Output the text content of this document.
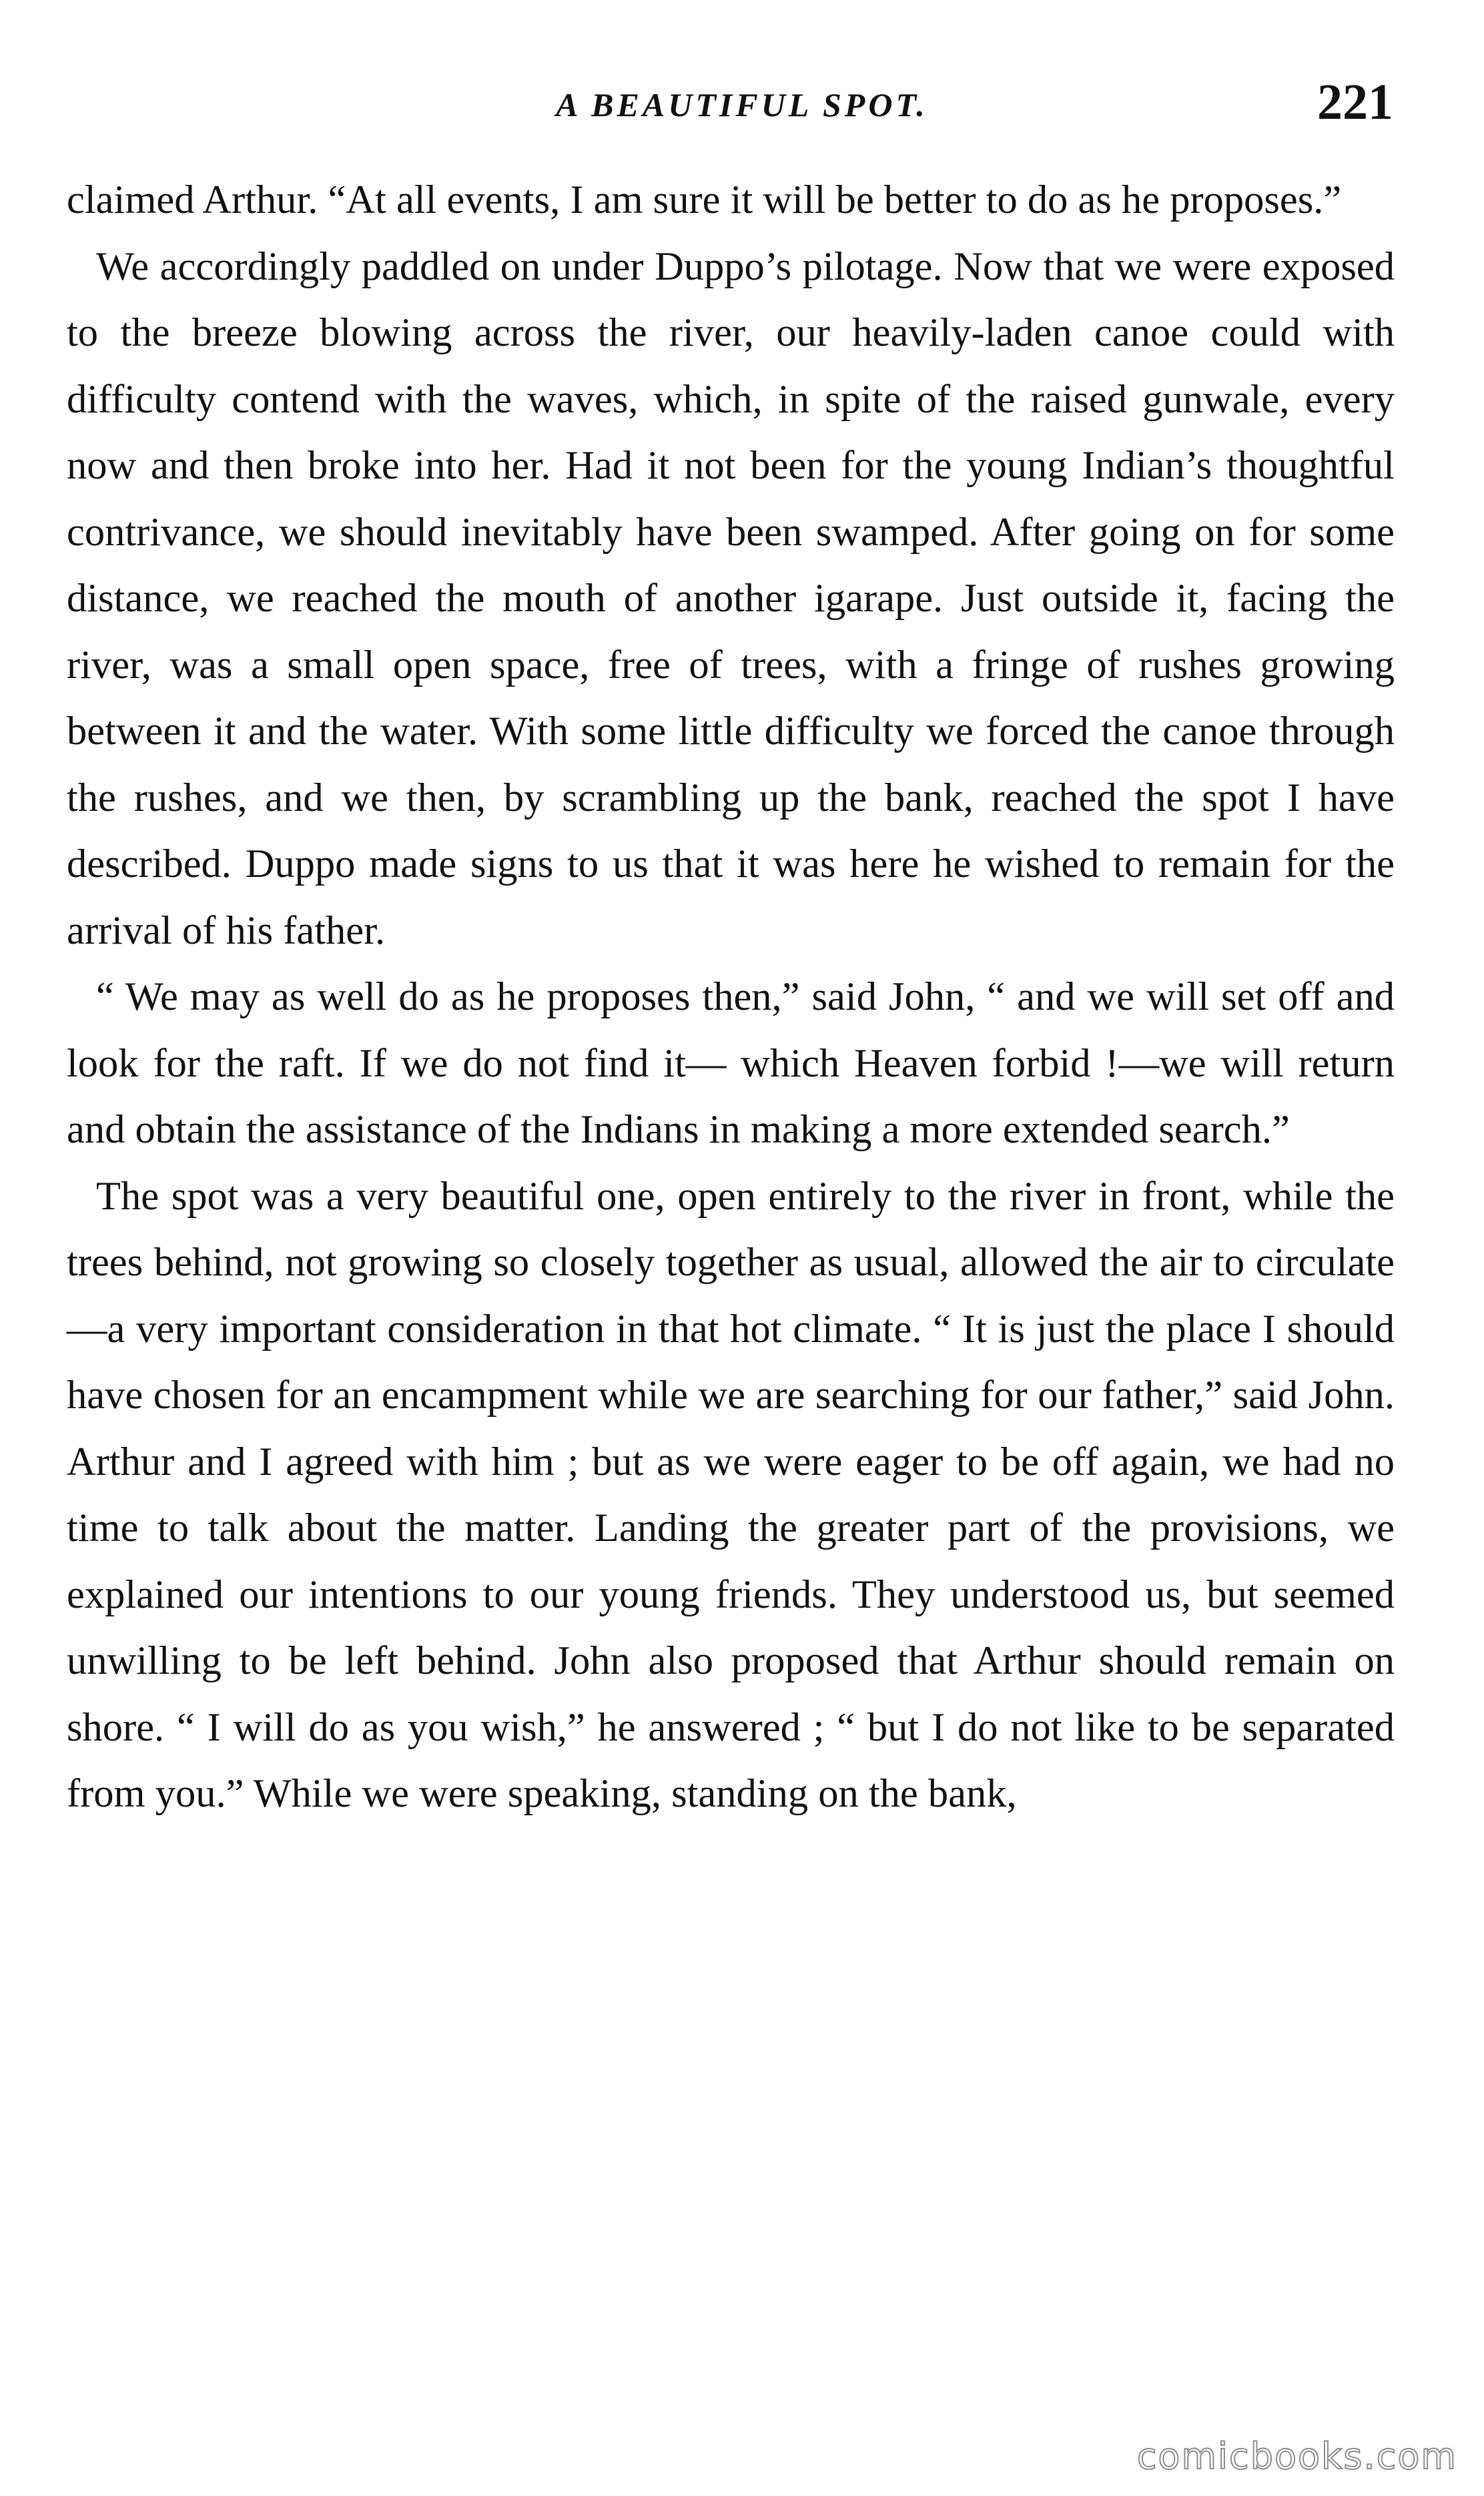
A BEAUTIFUL SPOT.	221

claimed Arthur. “At all events, I am sure it will be better to do as he proposes.”

We accordingly paddled on under Duppo’s pilotage. Now that we were exposed to the breeze blowing across the river, our heavily-laden canoe could with difficulty contend with the waves, which, in spite of the raised gunwale, every now and then broke into her. Had it not been for the young Indian’s thoughtful contrivance, we should inevitably have been swamped. After going on for some distance, we reached the mouth of another igarape. Just outside it, facing the river, was a small open space, free of trees, with a fringe of rushes growing between it and the water. With some little difficulty we forced the canoe through the rushes, and we then, by scrambling up the bank, reached the spot I have described. Duppo made signs to us that it was here he wished to remain for the arrival of his father.

“ We may as well do as he proposes then,” said John, “ and we will set off and look for the raft. If we do not find it— which Heaven forbid !—we will return and obtain the assistance of the Indians in making a more extended search.”

The spot was a very beautiful one, open entirely to the river in front, while the trees behind, not growing so closely together as usual, allowed the air to circulate—a very important consideration in that hot climate. “ It is just the place I should have chosen for an encampment while we are searching for our father,” said John. Arthur and I agreed with him ; but as we were eager to be off again, we had no time to talk about the matter. Landing the greater part of the provisions, we explained our intentions to our young friends. They understood us, but seemed unwilling to be left behind. John also proposed that Arthur should remain on shore. “ I will do as you wish,” he answered ; “ but I do not like to be separated from you.” While we were speaking, standing on the bank,

comicbooks.com
